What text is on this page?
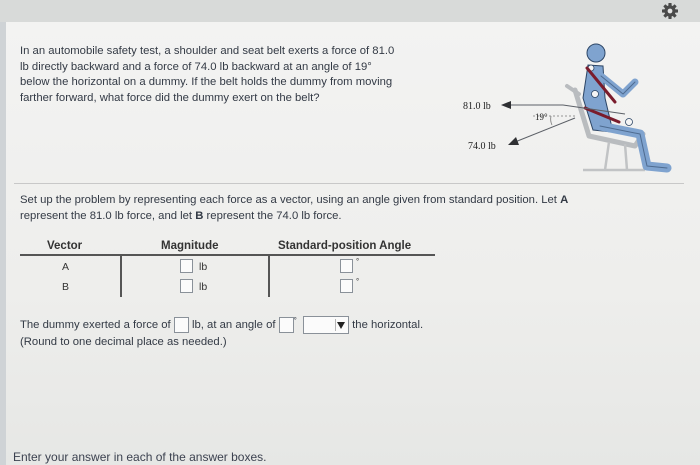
In an automobile safety test, a shoulder and seat belt exerts a force of 81.0
lb directly backward and a force of 74.0 lb backward at an angle of 19°
below the horizontal on a dummy. If the belt holds the dummy from moving
farther forward, what force did the dummy exert on the belt?
81.0 lb
74.0 lb
19°
Set up the problem by representing each force as a vector, using an angle given from standard position. Let A
represent the 81.0 lb force, and let B represent the 74.0 lb force.
Vector	Magnitude	Standard-position Angle
A	lb	°
B	lb	°
The dummy exerted a force of  lb, at an angle of °	the horizontal.
(Round to one decimal place as needed.)
Enter your answer in each of the answer boxes.
